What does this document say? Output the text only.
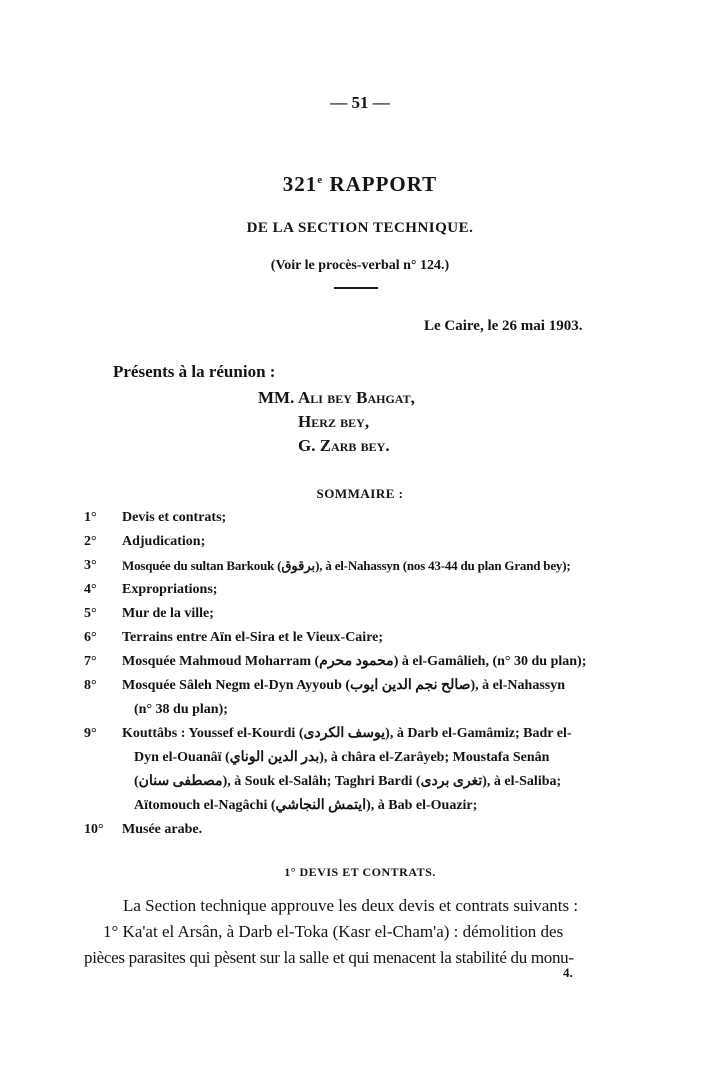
— 51 —
321e RAPPORT
DE LA SECTION TECHNIQUE.
(Voir le procès-verbal n° 124.)
Le Caire, le 26 mai 1903.
Présents à la réunion :
MM. Ali bey Bahgat,
Herz bey,
G. Zarb bey.
SOMMAIRE :
1° Devis et contrats;
2° Adjudication;
3° Mosquée du sultan Barkouk (برقوق), à el-Nahassyn (nos 43-44 du plan Grand bey);
4° Expropriations;
5° Mur de la ville;
6° Terrains entre Aïn el-Sira et le Vieux-Caire;
7° Mosquée Mahmoud Moharram (محمود محرم) à el-Gamâlieh, (n° 30 du plan);
8° Mosquée Sâleh Negm el-Dyn Ayyoub (صالح نجم الدين ايوب), à el-Nahassyn
(n° 38 du plan);
9° Kouttâbs : Youssef el-Kourdi (يوسف الكردى), à Darb el-Gamâmiz; Badr el-
Dyn el-Ouanâï (بدر الدين الوناي), à châra el-Zarâyeb; Moustafa Senân
(مصطفى سنان), à Souk el-Salâh; Taghri Bardi (تغرى بردى), à el-Saliba;
Aïtomouch el-Nagâchi (ايتمش النجاشي), à Bab el-Ouazir;
10° Musée arabe.
1° DEVIS ET CONTRATS.
La Section technique approuve les deux devis et contrats suivants :
1° Ka'at el Arsân, à Darb el-Toka (Kasr el-Cham'a) : démolition des
pièces parasites qui pèsent sur la salle et qui menacent la stabilité du monu-
4.
